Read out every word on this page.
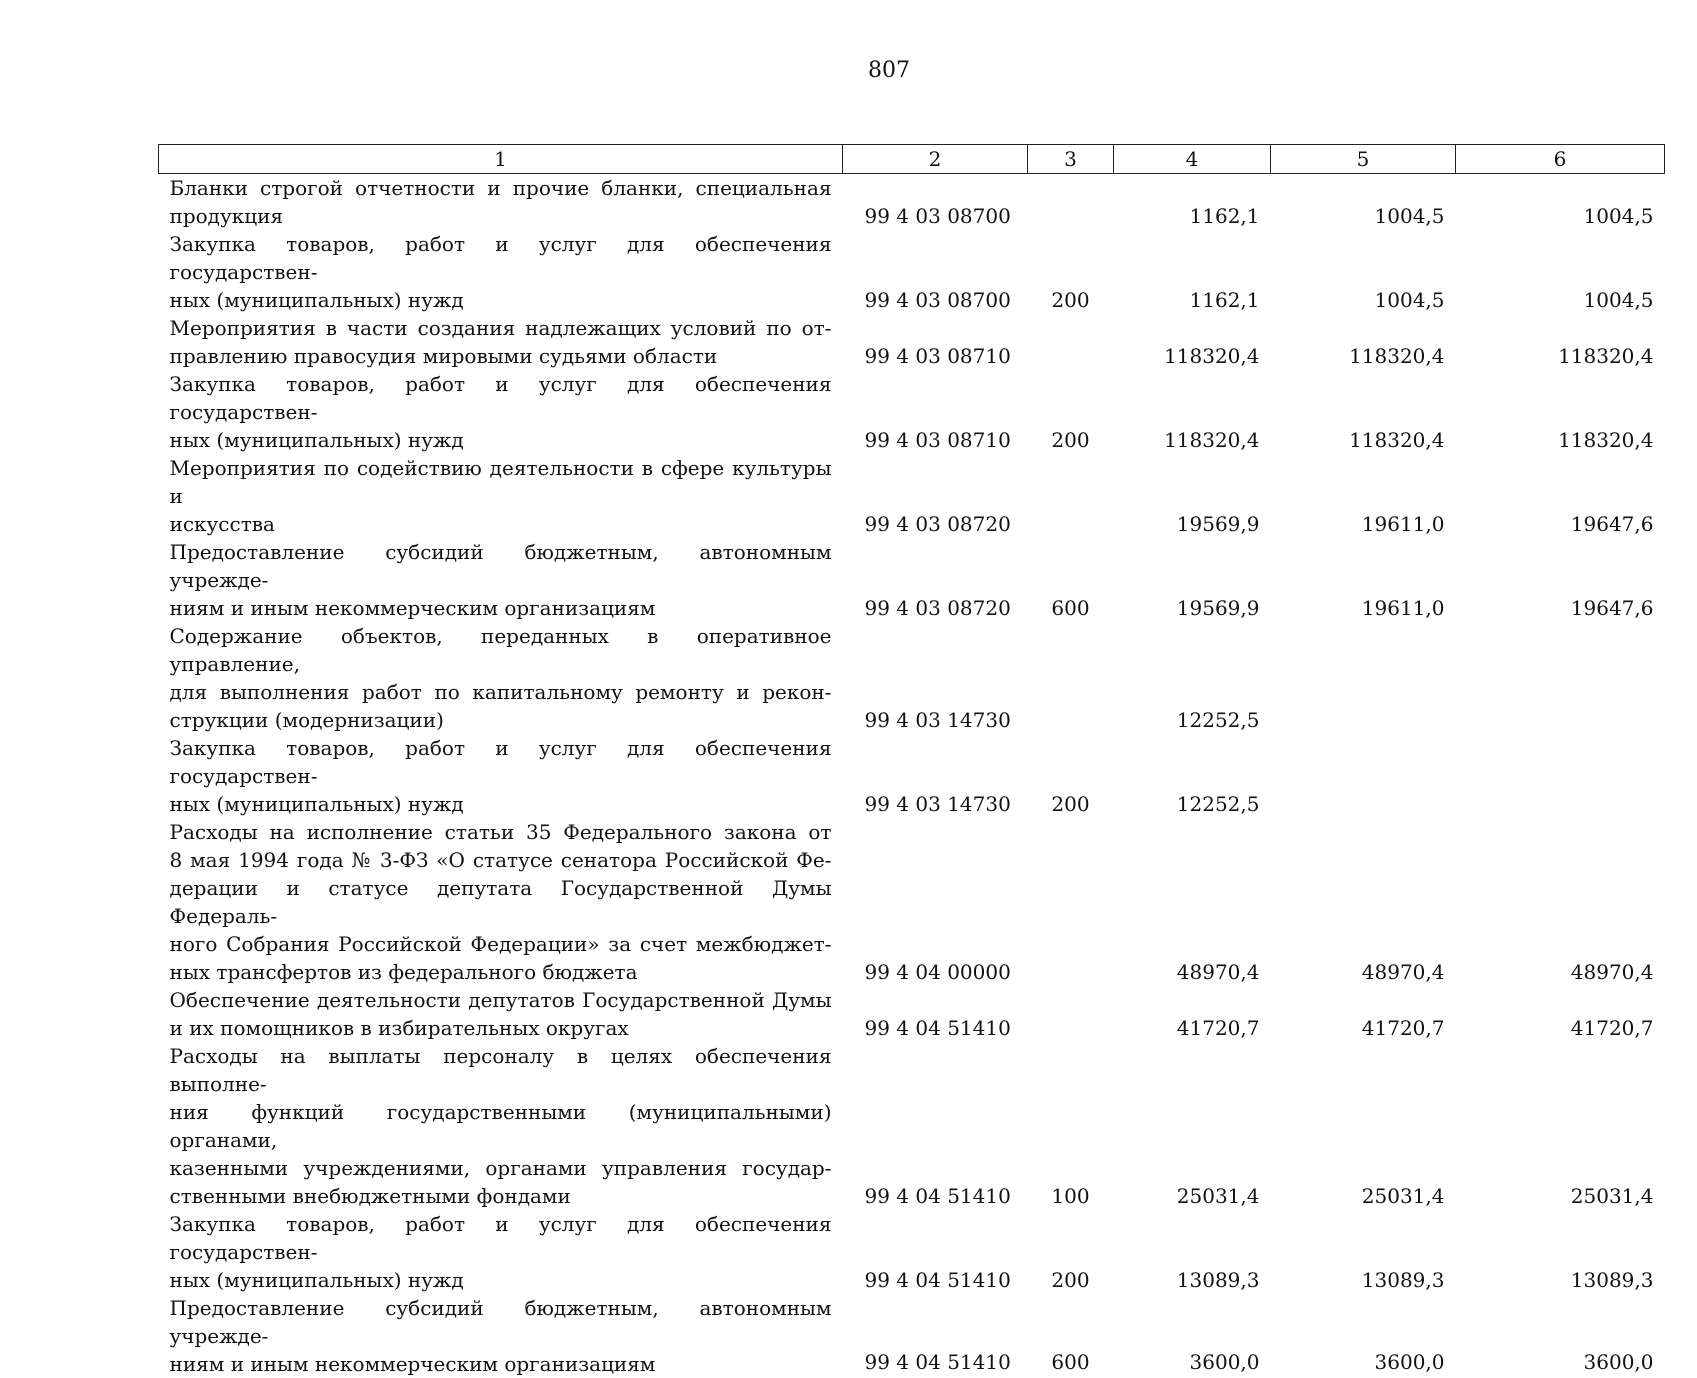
807
1	2	3	4	5	6

Бланки строгой отчетности и прочие бланки, специальная
продукция	99 4 03 08700		1162,1	1004,5	1004,5

Закупка товаров, работ и услуг для обеспечения государствен-
ных (муниципальных) нужд	99 4 03 08700	200	1162,1	1004,5	1004,5

Мероприятия в части создания надлежащих условий по от-
правлению правосудия мировыми судьями области	99 4 03 08710		118320,4	118320,4	118320,4

Закупка товаров, работ и услуг для обеспечения государствен-
ных (муниципальных) нужд	99 4 03 08710	200	118320,4	118320,4	118320,4

Мероприятия по содействию деятельности в сфере культуры и
искусства	99 4 03 08720		19569,9	19611,0	19647,6

Предоставление субсидий бюджетным, автономным учрежде-
ниям и иным некоммерческим организациям	99 4 03 08720	600	19569,9	19611,0	19647,6

Содержание объектов, переданных в оперативное управление,
для выполнения работ по капитальному ремонту и рекон-
струкции (модернизации)	99 4 03 14730		12252,5		

Закупка товаров, работ и услуг для обеспечения государствен-
ных (муниципальных) нужд	99 4 03 14730	200	12252,5		

Расходы на исполнение статьи 35 Федерального закона от
8 мая 1994 года № 3-ФЗ «О статусе сенатора Российской Фе-
дерации и статусе депутата Государственной Думы Федераль-
ного Собрания Российской Федерации» за счет межбюджет-
ных трансфертов из федерального бюджета	99 4 04 00000		48970,4	48970,4	48970,4

Обеспечение деятельности депутатов Государственной Думы
и их помощников в избирательных округах	99 4 04 51410		41720,7	41720,7	41720,7

Расходы на выплаты персоналу в целях обеспечения выполне-
ния функций государственными (муниципальными) органами,
казенными учреждениями, органами управления государ-
ственными внебюджетными фондами	99 4 04 51410	100	25031,4	25031,4	25031,4

Закупка товаров, работ и услуг для обеспечения государствен-
ных (муниципальных) нужд	99 4 04 51410	200	13089,3	13089,3	13089,3

Предоставление субсидий бюджетным, автономным учрежде-
ниям и иным некоммерческим организациям	99 4 04 51410	600	3600,0	3600,0	3600,0
